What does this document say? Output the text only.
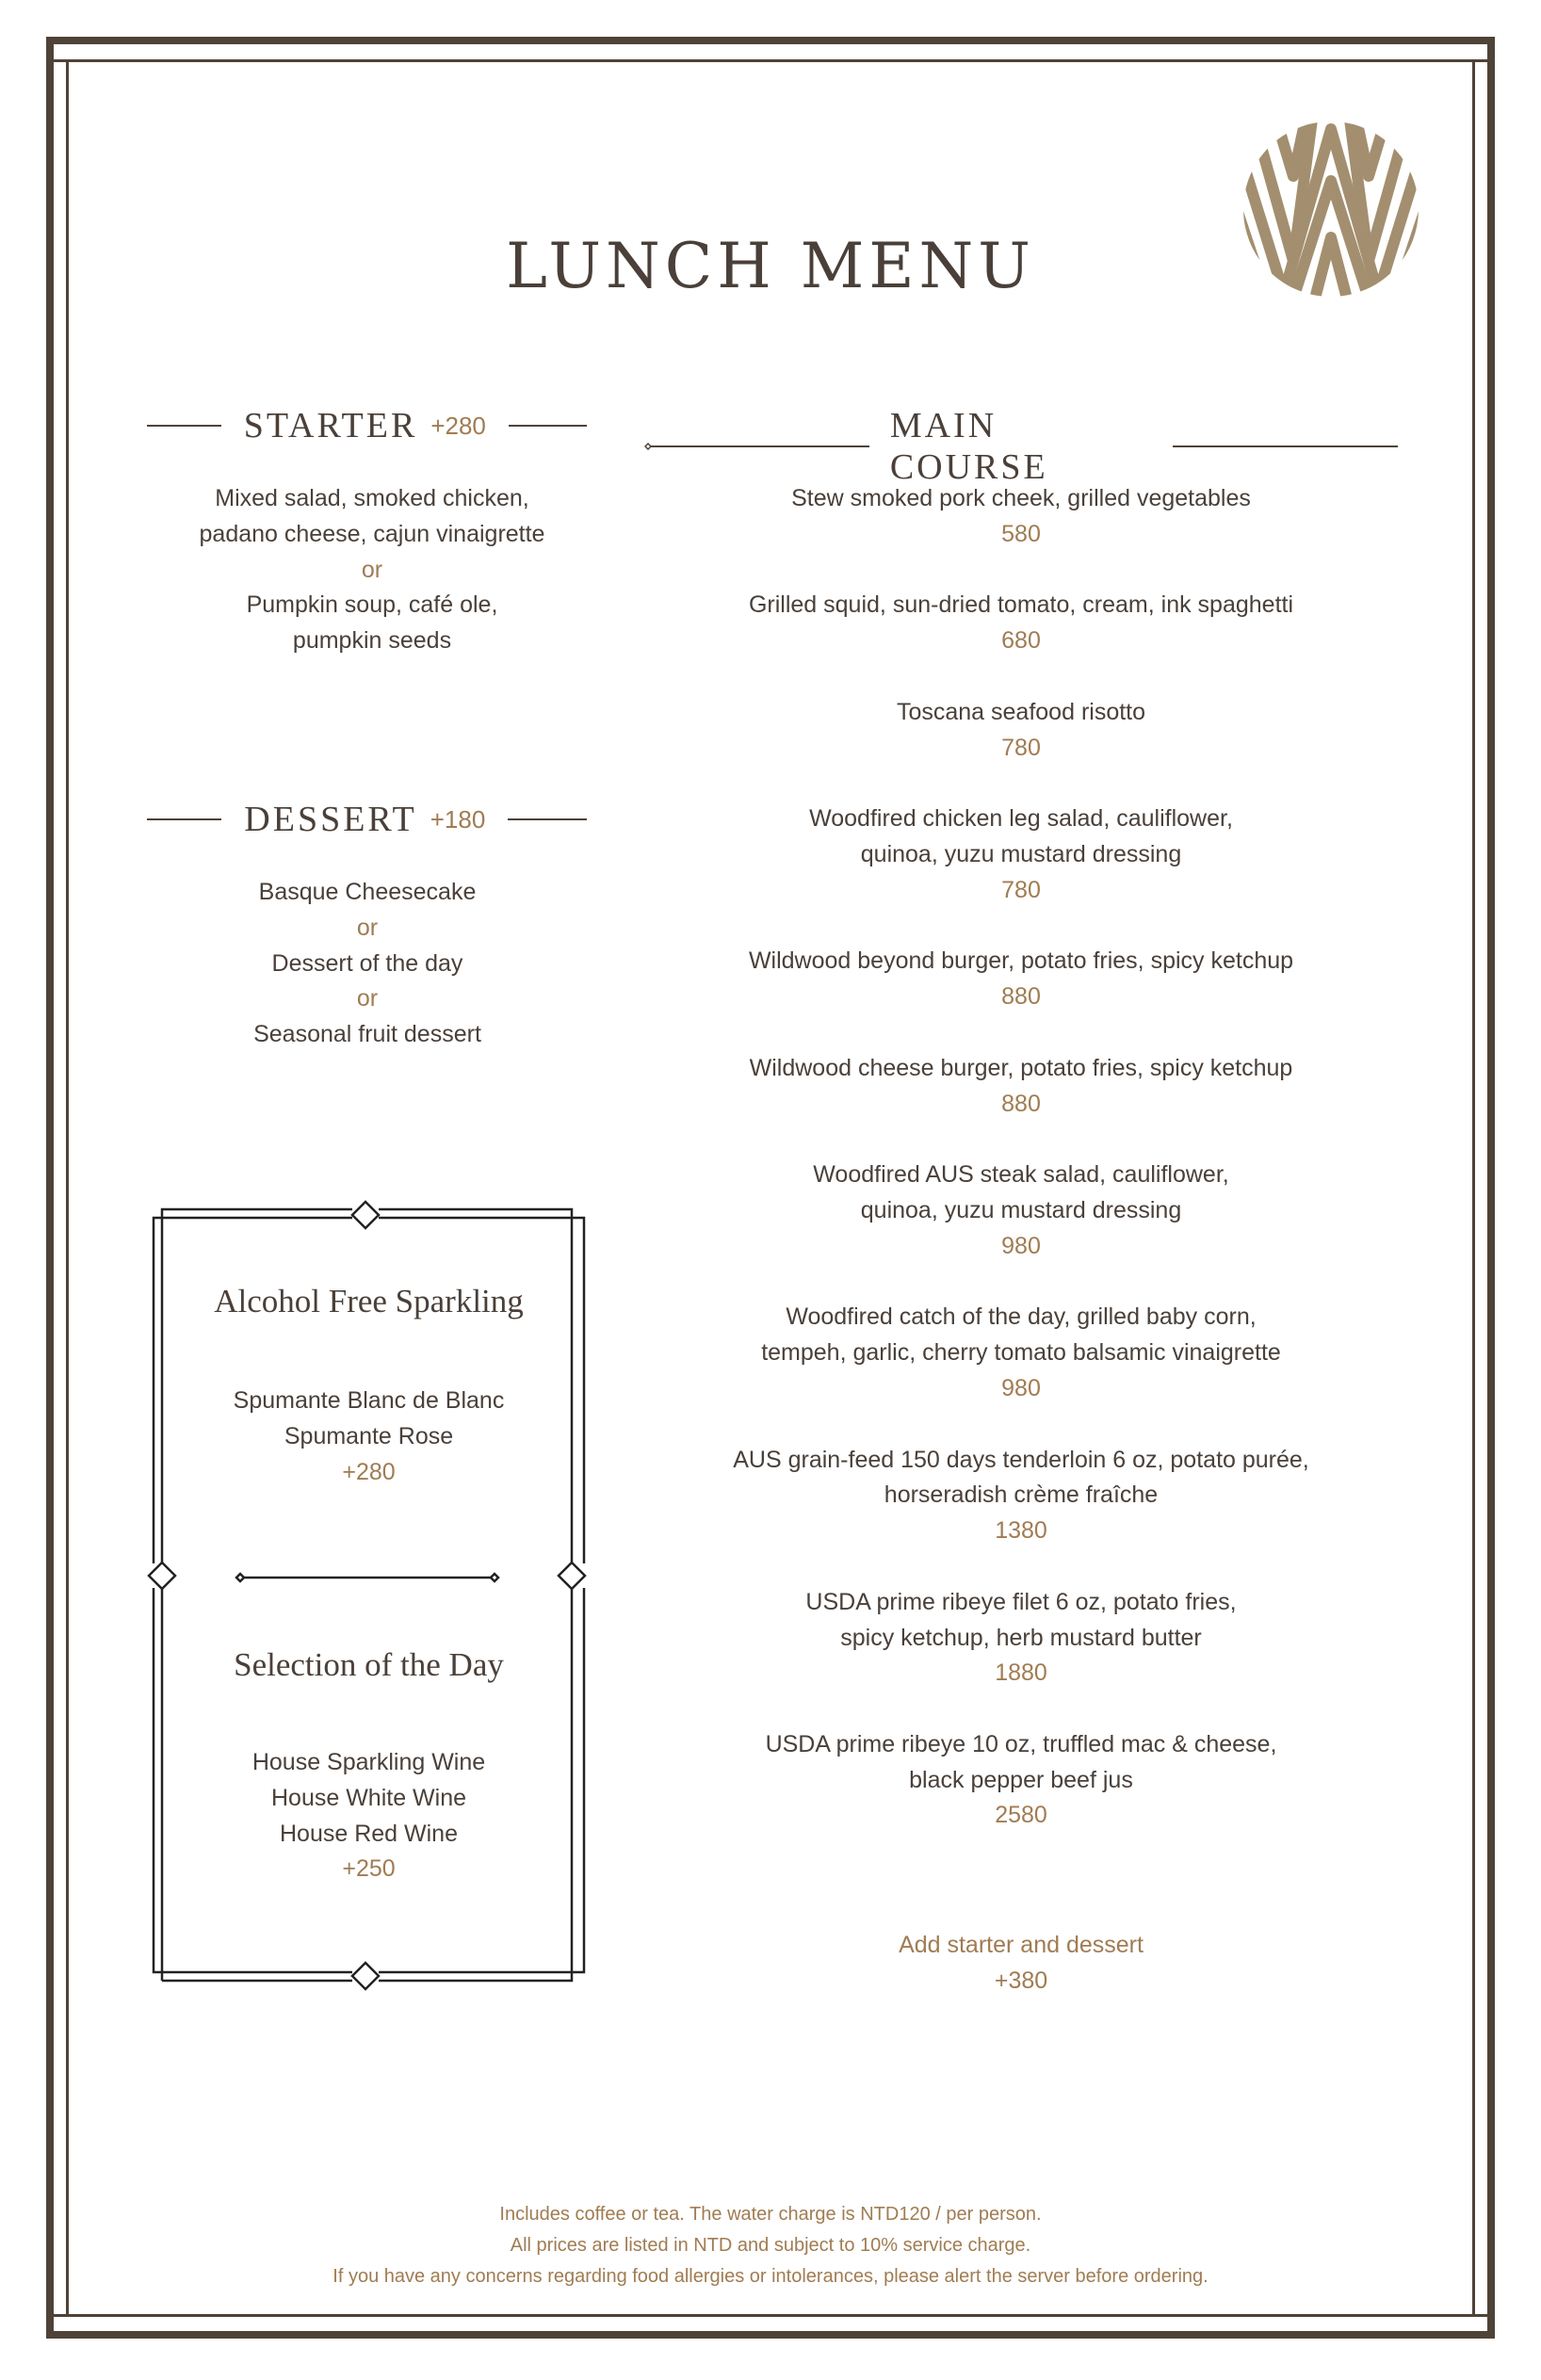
LUNCH MENU
STARTER +280
Mixed salad, smoked chicken,
padano cheese, cajun vinaigrette
or
Pumpkin soup, café ole,
pumpkin seeds
DESSERT +180
Basque Cheesecake
or
Dessert of the day
or
Seasonal fruit dessert
Alcohol Free Sparkling
Spumante Blanc de Blanc
Spumante Rose
+280
Selection of the Day
House Sparkling Wine
House White Wine
House Red Wine
+250
MAIN COURSE
Stew smoked pork cheek, grilled vegetables
580
Grilled squid, sun-dried tomato, cream, ink spaghetti
680
Toscana seafood risotto
780
Woodfired chicken leg salad, cauliflower,
quinoa, yuzu mustard dressing
780
Wildwood beyond burger, potato fries, spicy ketchup
880
Wildwood cheese burger, potato fries, spicy ketchup
880
Woodfired AUS steak salad, cauliflower,
quinoa, yuzu mustard dressing
980
Woodfired catch of the day, grilled baby corn,
tempeh, garlic, cherry tomato balsamic vinaigrette
980
AUS grain-feed 150 days tenderloin 6 oz, potato purée,
horseradish crème fraîche
1380
USDA prime ribeye filet 6 oz, potato fries,
spicy ketchup, herb mustard butter
1880
USDA prime ribeye 10 oz, truffled mac & cheese,
black pepper beef jus
2580
Add starter and dessert
+380
Includes coffee or tea. The water charge is NTD120 / per person.
All prices are listed in NTD and subject to 10% service charge.
If you have any concerns regarding food allergies or intolerances, please alert the server before ordering.
